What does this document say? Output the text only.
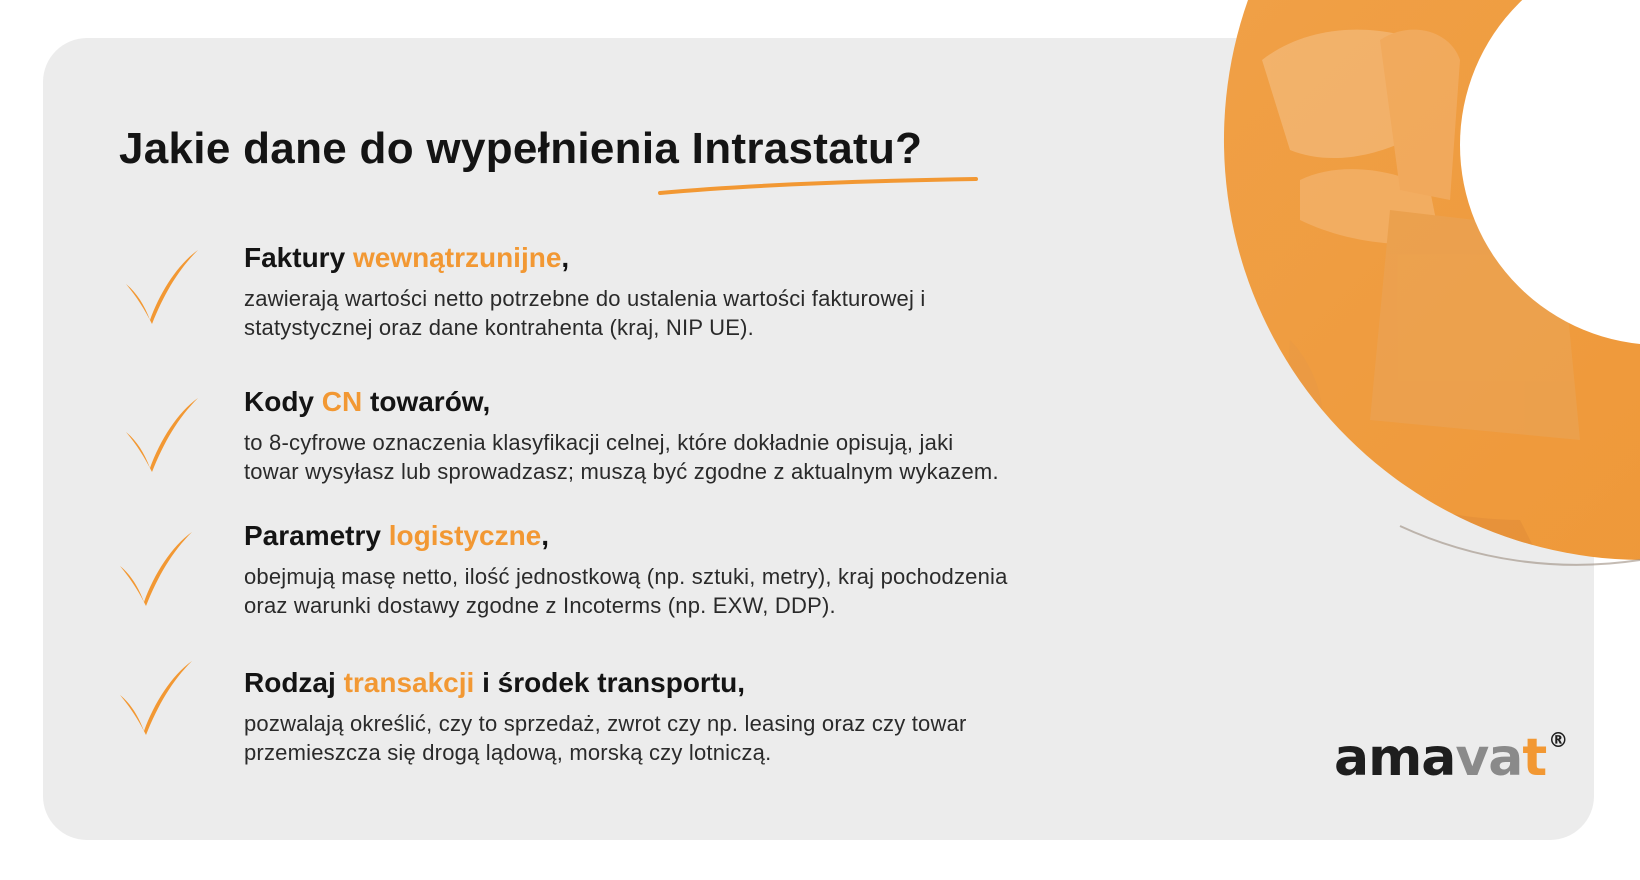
Jakie dane do wypełnienia Intrastatu?
Faktury wewnątrzunijne,

zawierają wartości netto potrzebne do ustalenia wartości fakturowej i statystycznej oraz dane kontrahenta (kraj, NIP UE).

Kody CN towarów,

to 8-cyfrowe oznaczenia klasyfikacji celnej, które dokładnie opisują, jaki towar wysyłasz lub sprowadzasz; muszą być zgodne z aktualnym wykazem.

Parametry logistyczne,

obejmują masę netto, ilość jednostkową (np. sztuki, metry), kraj pochodzenia oraz warunki dostawy zgodne z Incoterms (np. EXW, DDP).

Rodzaj transakcji i środek transportu,

pozwalają określić, czy to sprzedaż, zwrot czy np. leasing oraz czy towar przemieszcza się drogą lądową, morską czy lotniczą.	amavat ®
